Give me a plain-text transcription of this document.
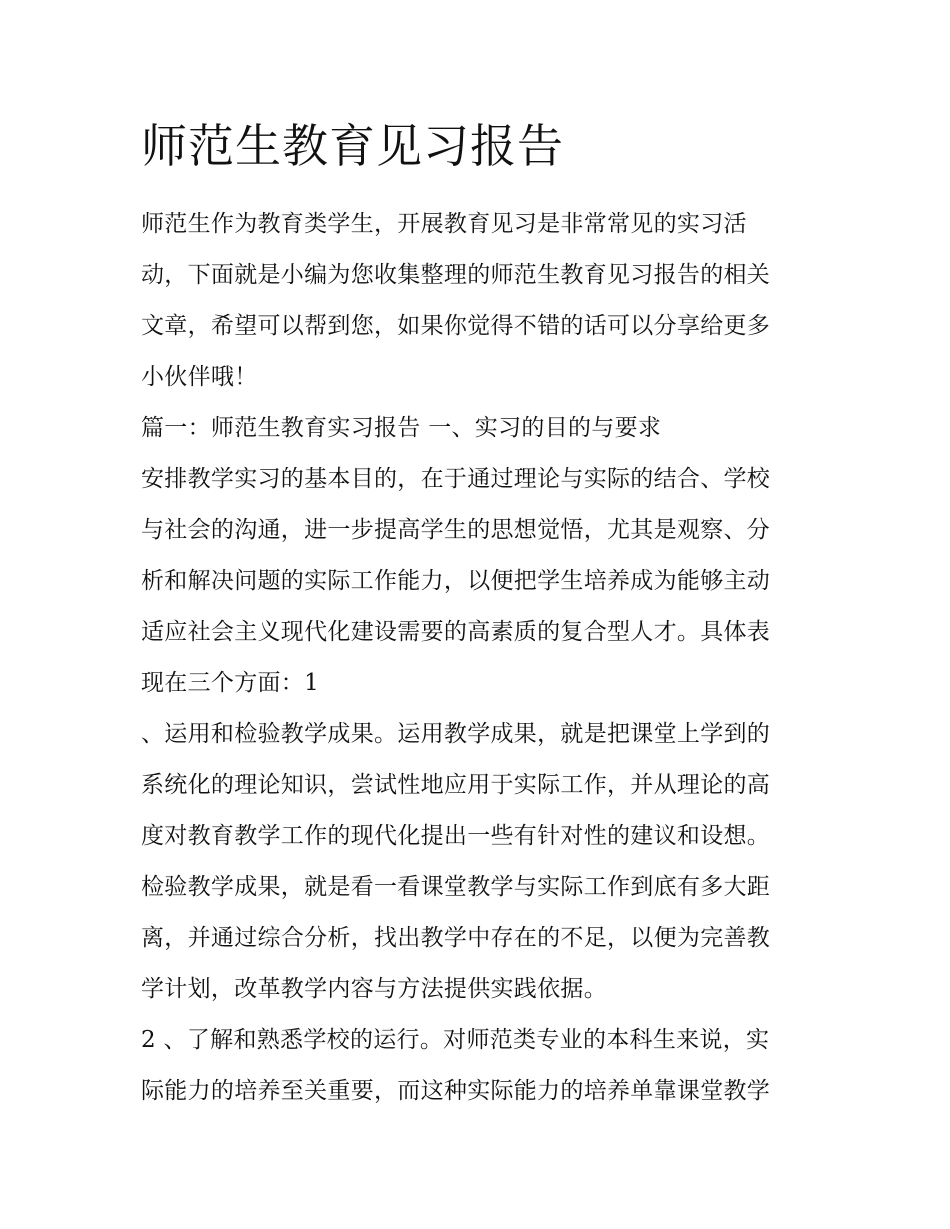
师范生教育见习报告
师范生作为教育类学生，开展教育见习是非常常见的实习活
动，下面就是小编为您收集整理的师范生教育见习报告的相关
文章，希望可以帮到您，如果你觉得不错的话可以分享给更多
小伙伴哦！
篇一：师范生教育实习报告 一、实习的目的与要求
安排教学实习的基本目的，在于通过理论与实际的结合、学校
与社会的沟通，进一步提高学生的思想觉悟，尤其是观察、分
析和解决问题的实际工作能力，以便把学生培养成为能够主动
适应社会主义现代化建设需要的高素质的复合型人才。具体表
现在三个方面：1
、运用和检验教学成果。运用教学成果，就是把课堂上学到的
系统化的理论知识，尝试性地应用于实际工作，并从理论的高
度对教育教学工作的现代化提出一些有针对性的建议和设想。
检验教学成果，就是看一看课堂教学与实际工作到底有多大距
离，并通过综合分析，找出教学中存在的不足，以便为完善教
学计划，改革教学内容与方法提供实践依据。
2 、了解和熟悉学校的运行。对师范类专业的本科生来说，实
际能力的培养至关重要，而这种实际能力的培养单靠课堂教学
